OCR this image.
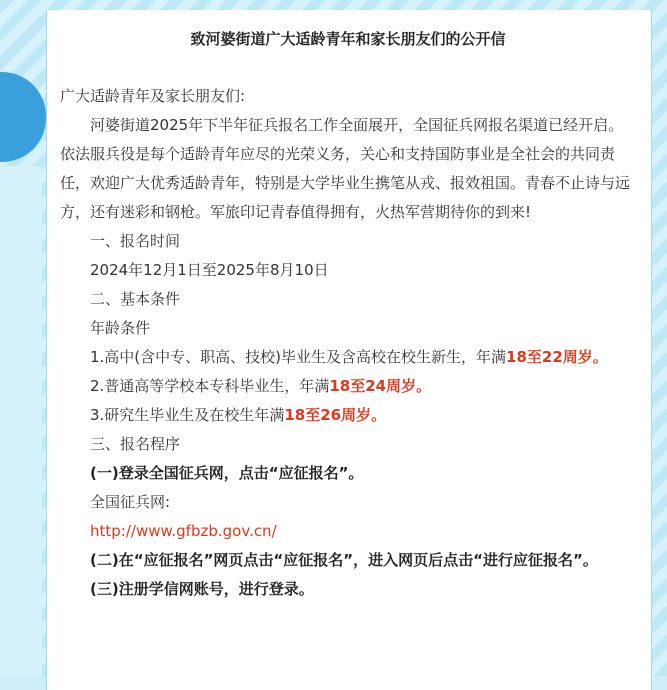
致河婆街道广大适龄青年和家长朋友们的公开信

广大适龄青年及家长朋友们:

河婆街道2025年下半年征兵报名工作全面展开，全国征兵网报名渠道已经开启。依法服兵役是每个适龄青年应尽的光荣义务，关心和支持国防事业是全社会的共同责任，欢迎广大优秀适龄青年，特别是大学毕业生携笔从戎、报效祖国。青春不止诗与远方，还有迷彩和钢枪。军旅印记青春值得拥有，火热军营期待你的到来!

一、报名时间

2024年12月1日至2025年8月10日

二、基本条件

年龄条件

1.高中(含中专、职高、技校)毕业生及含高校在校生新生，年满18至22周岁。

2.普通高等学校本专科毕业生，年满18至24周岁。

3.研究生毕业生及在校生年满18至26周岁。

三、报名程序

(一)登录全国征兵网，点击“应征报名”。

全国征兵网:

http://www.gfbzb.gov.cn/

(二)在“应征报名”网页点击“应征报名”，进入网页后点击“进行应征报名”。

(三)注册学信网账号，进行登录。
